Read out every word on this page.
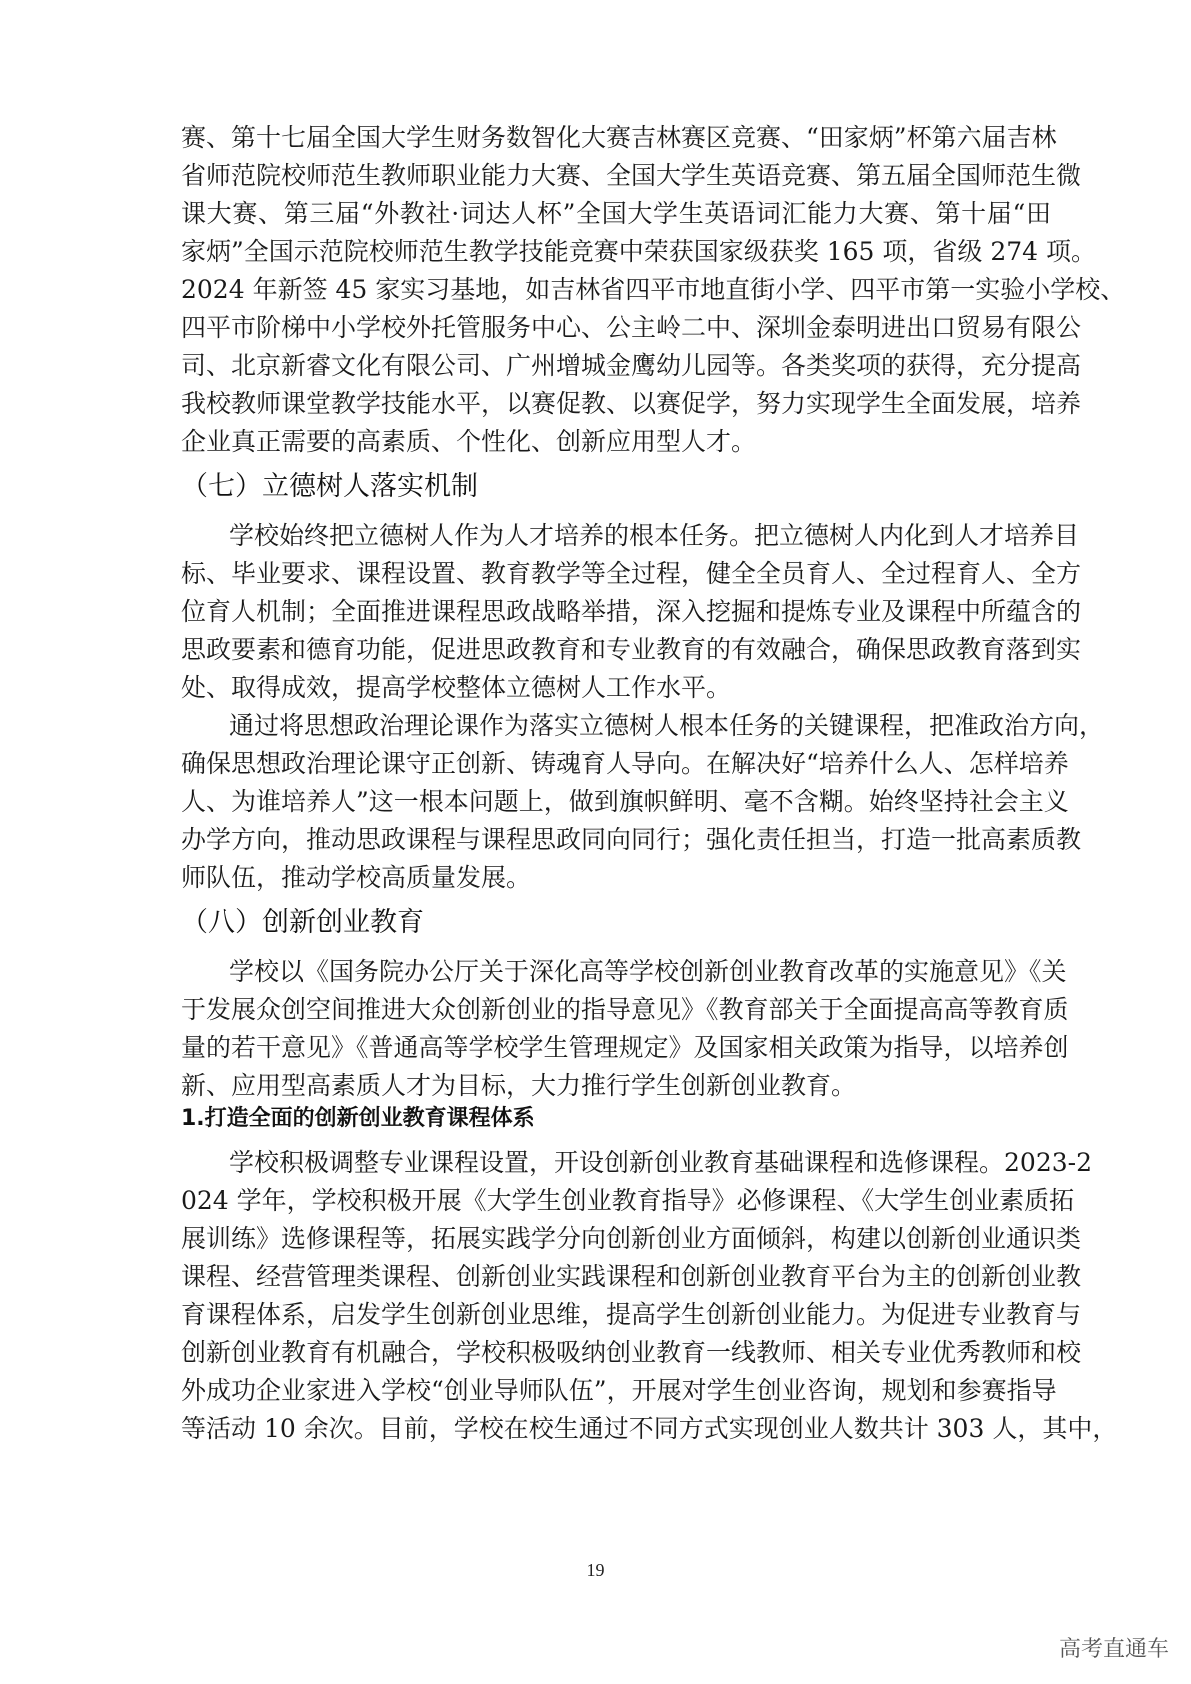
赛、第十七届全国大学生财务数智化大赛吉林赛区竞赛、“田家炳”杯第六届吉林
省师范院校师范生教师职业能力大赛、全国大学生英语竞赛、第五届全国师范生微
课大赛、第三届“外教社·词达人杯”全国大学生英语词汇能力大赛、第十届“田
家炳”全国示范院校师范生教学技能竞赛中荣获国家级获奖 165 项，省级 274 项。
2024 年新签 45 家实习基地，如吉林省四平市地直街小学、四平市第一实验小学校、
四平市阶梯中小学校外托管服务中心、公主岭二中、深圳金泰明进出口贸易有限公
司、北京新睿文化有限公司、广州增城金鹰幼儿园等。各类奖项的获得，充分提高
我校教师课堂教学技能水平，以赛促教、以赛促学，努力实现学生全面发展，培养
企业真正需要的高素质、个性化、创新应用型人才。
（七）立德树人落实机制
学校始终把立德树人作为人才培养的根本任务。把立德树人内化到人才培养目
标、毕业要求、课程设置、教育教学等全过程，健全全员育人、全过程育人、全方
位育人机制；全面推进课程思政战略举措，深入挖掘和提炼专业及课程中所蕴含的
思政要素和德育功能，促进思政教育和专业教育的有效融合，确保思政教育落到实
处、取得成效，提高学校整体立德树人工作水平。
通过将思想政治理论课作为落实立德树人根本任务的关键课程，把准政治方向，
确保思想政治理论课守正创新、铸魂育人导向。在解决好“培养什么人、怎样培养
人、为谁培养人”这一根本问题上，做到旗帜鲜明、毫不含糊。始终坚持社会主义
办学方向，推动思政课程与课程思政同向同行；强化责任担当，打造一批高素质教
师队伍，推动学校高质量发展。
（八）创新创业教育
学校以《国务院办公厅关于深化高等学校创新创业教育改革的实施意见》《关
于发展众创空间推进大众创新创业的指导意见》《教育部关于全面提高高等教育质
量的若干意见》《普通高等学校学生管理规定》及国家相关政策为指导，以培养创
新、应用型高素质人才为目标，大力推行学生创新创业教育。
1.打造全面的创新创业教育课程体系
学校积极调整专业课程设置，开设创新创业教育基础课程和选修课程。2023-2
024 学年，学校积极开展《大学生创业教育指导》必修课程、《大学生创业素质拓
展训练》选修课程等，拓展实践学分向创新创业方面倾斜，构建以创新创业通识类
课程、经营管理类课程、创新创业实践课程和创新创业教育平台为主的创新创业教
育课程体系，启发学生创新创业思维，提高学生创新创业能力。为促进专业教育与
创新创业教育有机融合，学校积极吸纳创业教育一线教师、相关专业优秀教师和校
外成功企业家进入学校“创业导师队伍”，开展对学生创业咨询，规划和参赛指导
等活动 10 余次。目前，学校在校生通过不同方式实现创业人数共计 303 人，其中，
19
高考直通车
